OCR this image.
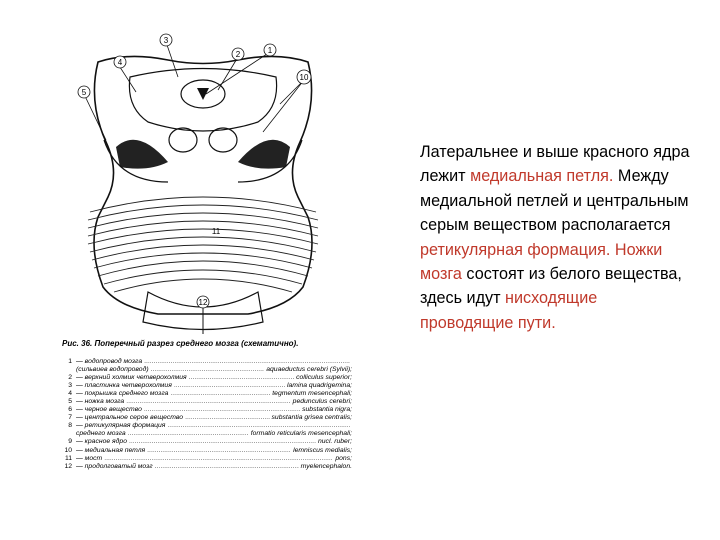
3
2	1
4
5
10
11
12
Рис. 36. Поперечный разрез среднего мозга (схематично).
1 — водопровод мозга
.....
(сильвиев водопровод) .....	aquaeductus cerebri (Sylvii);
2 — верхний холмик четверохолмия .....	colliculus superior;
3 — пластинка четверохолмия .....	lamina quadrigemina;
4 — покрышка среднего мозга .....	tegmentum mesencephali;
5 — ножка мозга .....	pedunculus cerebri;
6 — черное вещество .....	substantia nigra;
7 — центральное серое вещество .....	substantia grisea centralis;
8 — ретикулярная формация
.....
среднего мозга .....	formatio reticularis mesencephali;
9 — красное ядро .....	nucl. ruber;
10 — медиальная петля .....	lemniscus medialis;
11 — мост .....	pons;
12 — продолговатый мозг .....	myelencephalon.
Латеральнее и выше красного ядра лежит медиальная петля. Между медиальной петлей и центральным серым веществом располагается ретикулярная формация. Ножки мозга состоят из белого вещества, здесь идут нисходящие проводящие пути.
